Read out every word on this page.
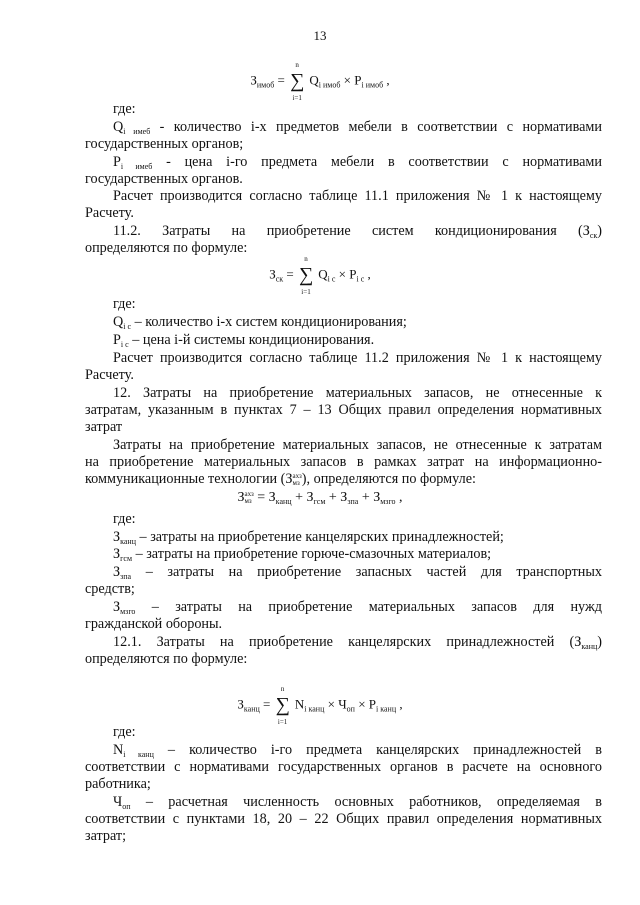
13
$З_{имоб}$ = ∑
n
i=1
$Q_{i имоб} \times P_{i имоб}$ ,
где:
$Q_{i имеб}$ - количество i-х предметов мебели в соответствии с нормативами
государственных органов;
$P_{i имеб}$ - цена i-го предмета мебели в соответствии с нормативами
государственных органов.
Расчет производится согласно таблице 11.1 приложения № 1 к настоящему
Расчету.
11.2. Затраты на приобретение систем кондиционирования $(З_{ск})$
определяются по формуле:
$З_{ск}$ = ∑
n
i=1
$Q_{i c} \times P_{i c}$ ,
где:
$Q_{i c}$ – количество i-х систем кондиционирования;
$P_{i c}$ – цена i-й системы кондиционирования.
Расчет производится согласно таблице 11.2 приложения № 1 к настоящему
Расчету.
12. Затраты на приобретение материальных запасов, не отнесенные к
затратам, указанным в пунктах 7 – 13 Общих правил определения нормативных
затрат
Затраты на приобретение материальных запасов, не отнесенные к затратам
на приобретение материальных запасов в рамках затрат на информационно-
коммуникационные технологии (Захз
мз ), определяются по формуле:
Захз
мз = $З_{канц} + З_{гсм} + З_{зпа} + З_{мзго}$ ,
где:
$З_{канц}$ – затраты на приобретение канцелярских принадлежностей;
$З_{гсм}$ – затраты на приобретение горюче-смазочных материалов;
$З_{зпа}$ – затраты на приобретение запасных частей для транспортных
средств;
$З_{мзго}$ – затраты на приобретение материальных запасов для нужд
гражданской обороны.
12.1. Затраты на приобретение канцелярских принадлежностей $(З_{канц})$
определяются по формуле:
$З_{канц}$ = ∑
n
i=1
$N_{i канц} \times Ч_{оп} \times P_{i канц}$ ,
где:
$N_{i канц}$ – количество i-го предмета канцелярских принадлежностей в
соответствии с нормативами государственных органов в расчете на основного
работника;
$Ч_{оп}$ – расчетная численность основных работников, определяемая в
соответствии с пунктами 18, 20 – 22 Общих правил определения нормативных
затрат;
